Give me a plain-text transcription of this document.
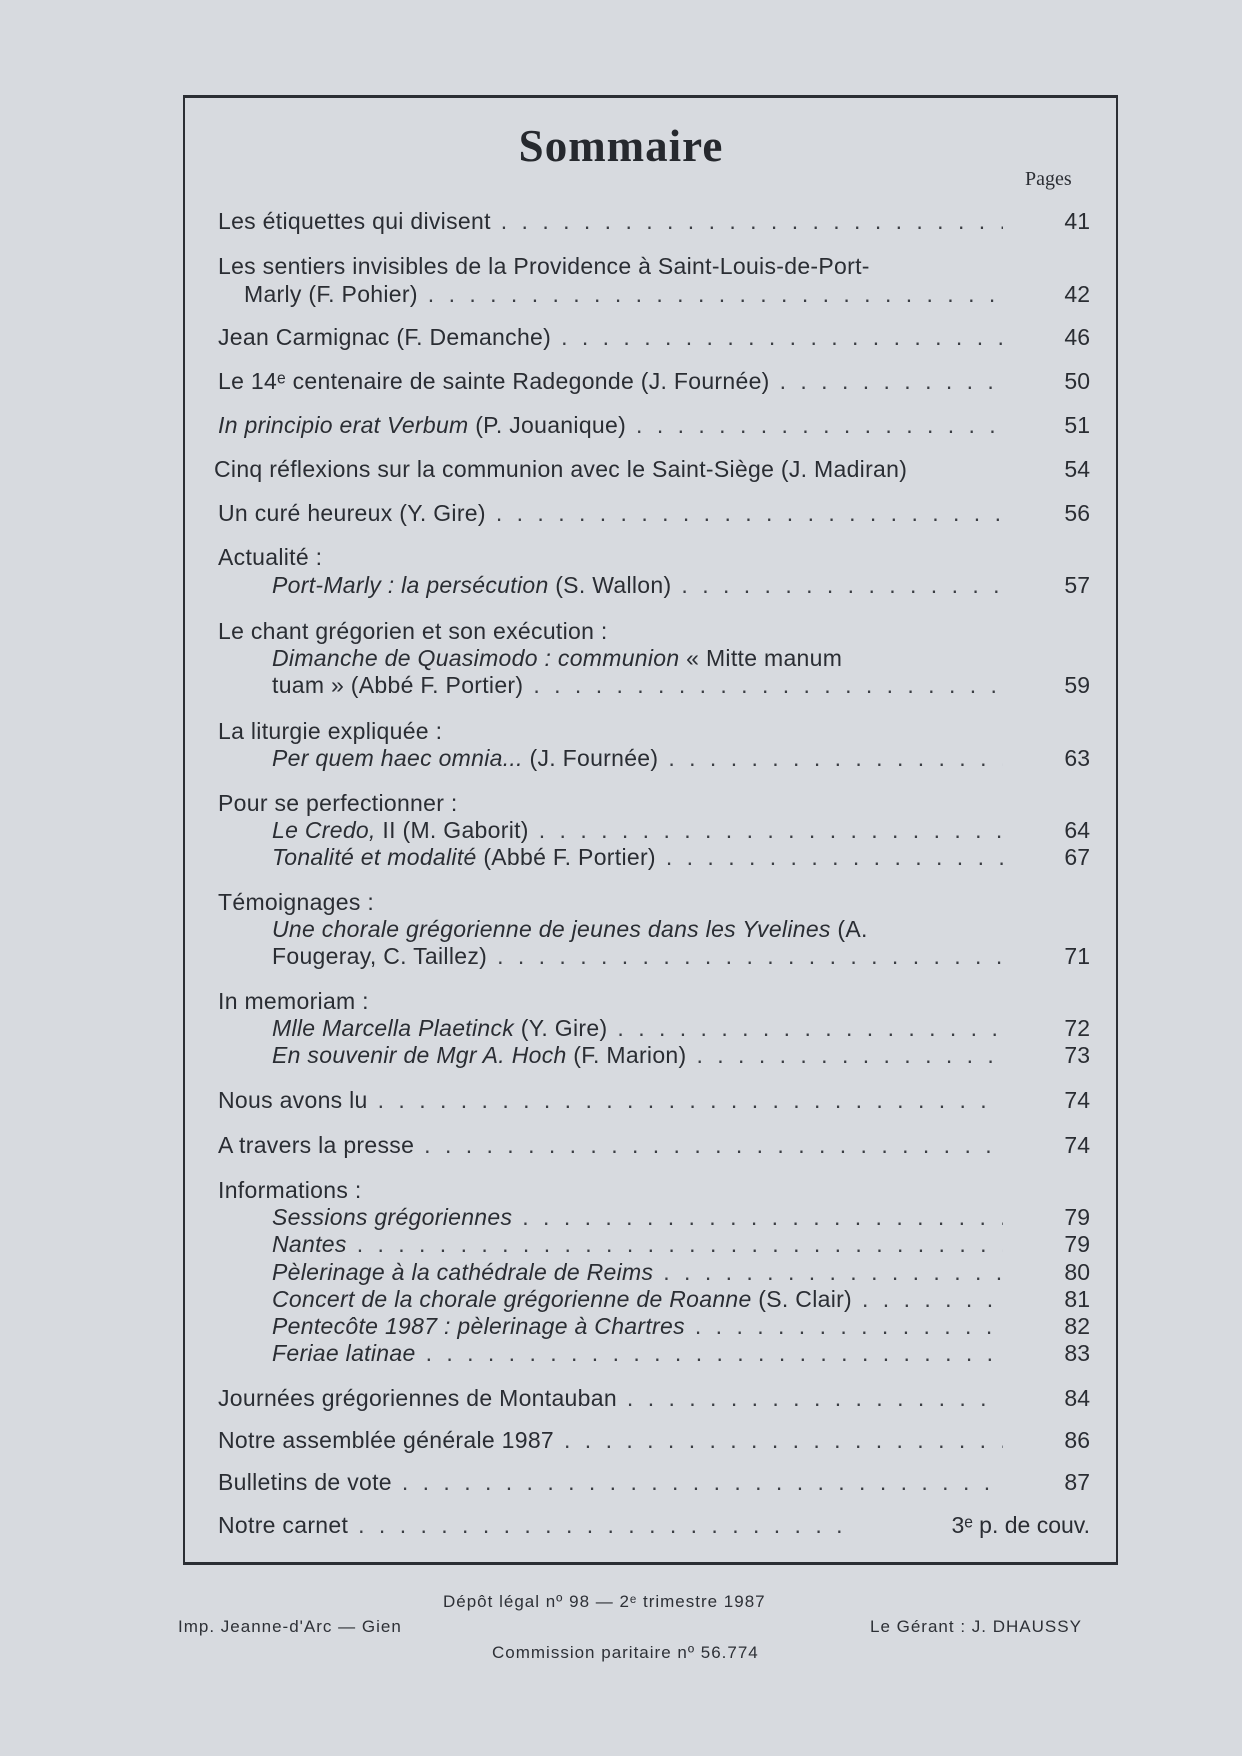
Sommaire
Pages
Les étiquettes qui divisent . . .	41
Les sentiers invisibles de la Providence à Saint-Louis-de-Port-
Marly (F. Pohier) . . .	42
Jean Carmignac (F. Demanche) . . .	46
Le 14ᵉ centenaire de sainte Radegonde (J. Fournée) . . .	50
In principio erat Verbum (P. Jouanique) . . .	51
Cinq réflexions sur la communion avec le Saint-Siège (J. Madiran)	54
Un curé heureux (Y. Gire) . . .	56
Actualité :
Port-Marly : la persécution (S. Wallon) . . .	57
Le chant grégorien et son exécution :
Dimanche de Quasimodo : communion « Mitte manum
tuam » (Abbé F. Portier) . . .	59
La liturgie expliquée :
Per quem haec omnia... (J. Fournée) . . .	63
Pour se perfectionner :
Le Credo, II (M. Gaborit) . . .	64
Tonalité et modalité (Abbé F. Portier) . . .	67
Témoignages :
Une chorale grégorienne de jeunes dans les Yvelines (A.
Fougeray, C. Taillez) . . .	71
In memoriam :
Mlle Marcella Plaetinck (Y. Gire) . . .	72
En souvenir de Mgr A. Hoch (F. Marion) . . .	73
Nous avons lu . . .	74
A travers la presse . . .	74
Informations :
Sessions grégoriennes . . .	79
Nantes . . .	79
Pèlerinage à la cathédrale de Reims . . .	80
Concert de la chorale grégorienne de Roanne (S. Clair) . . .	81
Pentecôte 1987 : pèlerinage à Chartres . . .	82
Feriae latinae . . .	83
Journées grégoriennes de Montauban . . .	84
Notre assemblée générale 1987 . . .	86
Bulletins de vote . . .	87
Notre carnet . . .	3ᵉ p. de couv.
Dépôt légal nº 98 — 2ᵉ trimestre 1987
Imp. Jeanne-d'Arc — Gien	Le Gérant : J. DHAUSSY
Commission paritaire nº 56.774
